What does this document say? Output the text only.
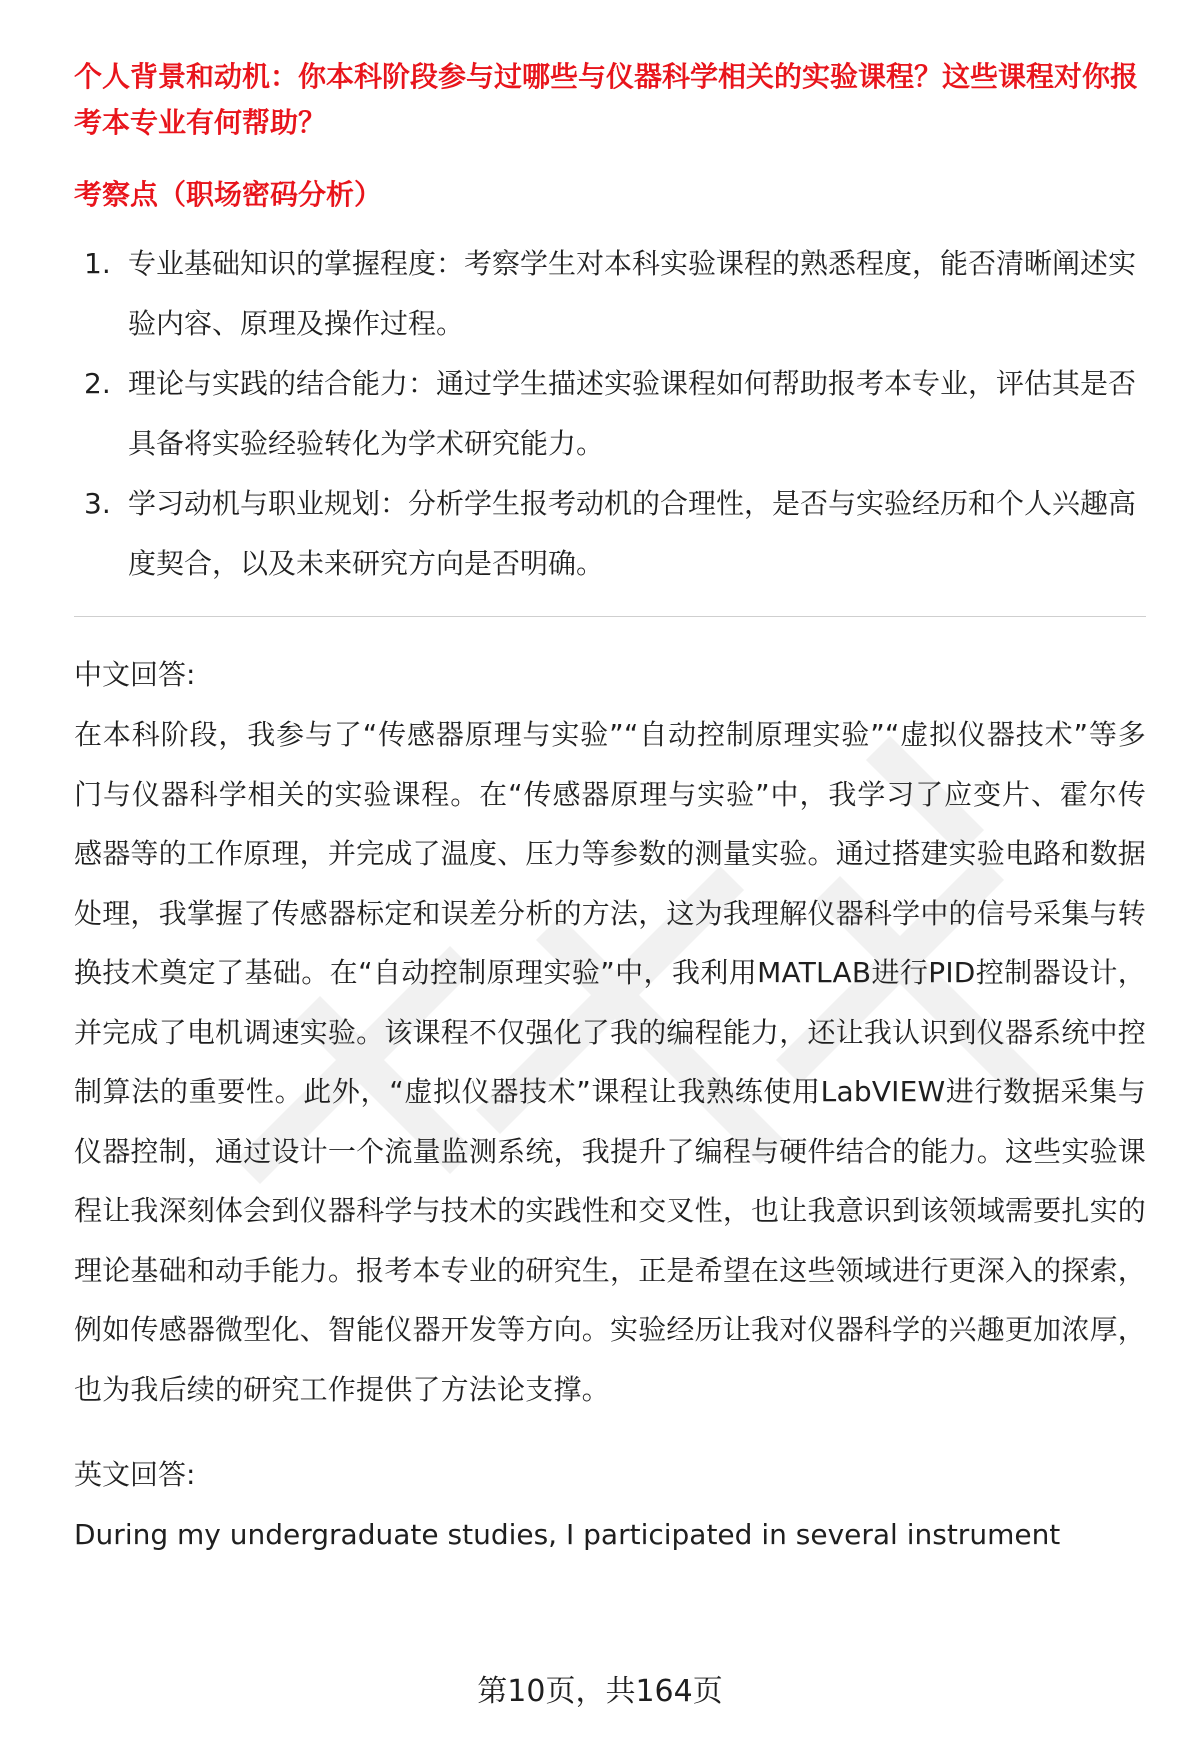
个人背景和动机：你本科阶段参与过哪些与仪器科学相关的实验课程？这些课程对你报考本专业有何帮助？

考察点（职场密码分析）

1. 专业基础知识的掌握程度：考察学生对本科实验课程的熟悉程度，能否清晰阐述实验内容、原理及操作过程。
2. 理论与实践的结合能力：通过学生描述实验课程如何帮助报考本专业，评估其是否具备将实验经验转化为学术研究能力。
3. 学习动机与职业规划：分析学生报考动机的合理性，是否与实验经历和个人兴趣高度契合，以及未来研究方向是否明确。

中文回答:

在本科阶段，我参与了“传感器原理与实验”“自动控制原理实验”“虚拟仪器技术”等多门与仪器科学相关的实验课程。在“传感器原理与实验”中，我学习了应变片、霍尔传感器等的工作原理，并完成了温度、压力等参数的测量实验。通过搭建实验电路和数据处理，我掌握了传感器标定和误差分析的方法，这为我理解仪器科学中的信号采集与转换技术奠定了基础。在“自动控制原理实验”中，我利用MATLAB进行PID控制器设计，并完成了电机调速实验。该课程不仅强化了我的编程能力，还让我认识到仪器系统中控制算法的重要性。此外，“虚拟仪器技术”课程让我熟练使用LabVIEW进行数据采集与仪器控制，通过设计一个流量监测系统，我提升了编程与硬件结合的能力。这些实验课程让我深刻体会到仪器科学与技术的实践性和交叉性，也让我意识到该领域需要扎实的理论基础和动手能力。报考本专业的研究生，正是希望在这些领域进行更深入的探索，例如传感器微型化、智能仪器开发等方向。实验经历让我对仪器科学的兴趣更加浓厚，也为我后续的研究工作提供了方法论支撑。

英文回答:

During my undergraduate studies, I participated in several instrument

第10页，共164页
